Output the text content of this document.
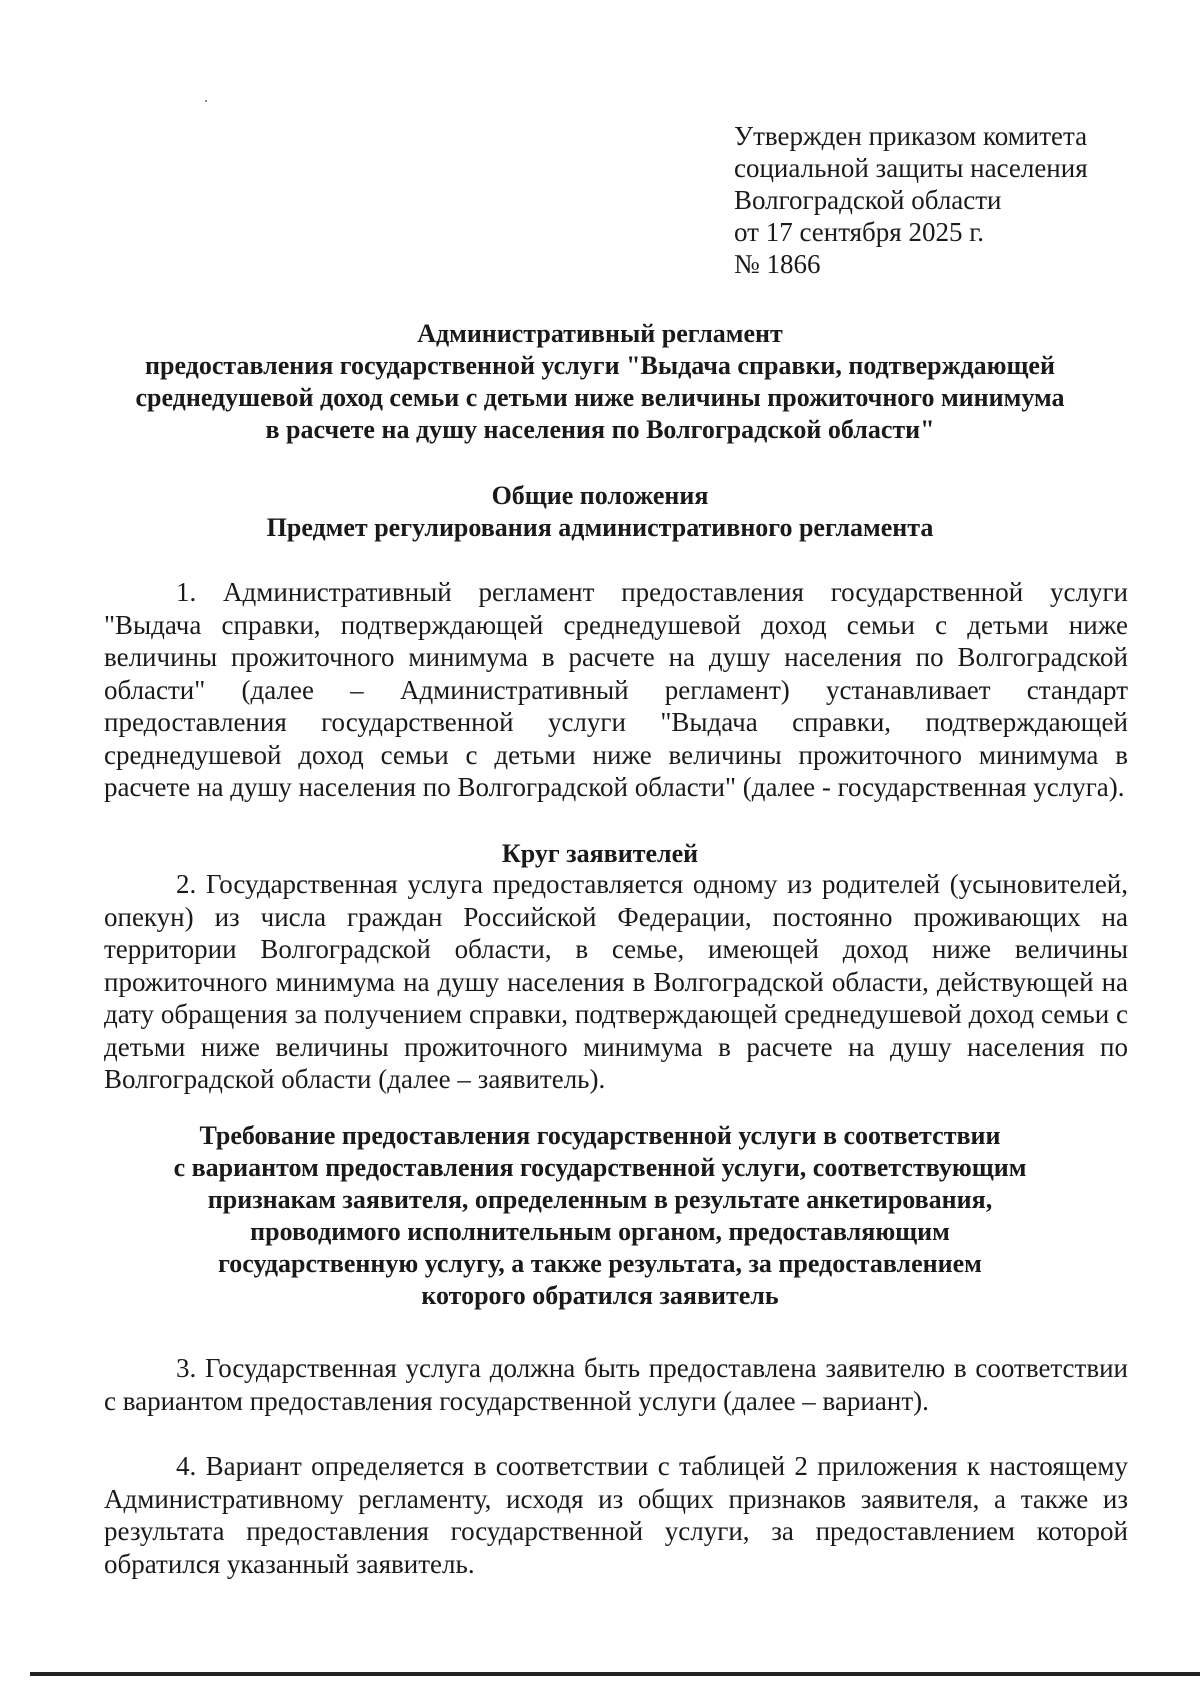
Утвержден приказом комитета
социальной защиты населения
Волгоградской области
от 17 сентября 2025 г.
№ 1866
Административный регламент
предоставления государственной услуги "Выдача справки, подтверждающей
среднедушевой доход семьи с детьми ниже величины прожиточного минимума
в расчете на душу населения по Волгоградской области"
Общие положения
Предмет регулирования административного регламента

1. Административный регламент предоставления государственной услуги "Выдача справки, подтверждающей среднедушевой доход семьи с детьми ниже величины прожиточного минимума в расчете на душу населения по Волгоградской области" (далее – Административный регламент) устанавливает стандарт предоставления государственной услуги "Выдача справки, подтверждающей среднедушевой доход семьи с детьми ниже величины прожиточного минимума в расчете на душу населения по Волгоградской области" (далее - государственная услуга).

Круг заявителей

2. Государственная услуга предоставляется одному из родителей (усыновителей, опекун) из числа граждан Российской Федерации, постоянно проживающих на территории Волгоградской области, в семье, имеющей доход ниже величины прожиточного минимума на душу населения в Волгоградской области, действующей на дату обращения за получением справки, подтверждающей среднедушевой доход семьи с детьми ниже величины прожиточного минимума в расчете на душу населения по Волгоградской области (далее – заявитель).

Требование предоставления государственной услуги в соответствии
с вариантом предоставления государственной услуги, соответствующим
признакам заявителя, определенным в результате анкетирования,
проводимого исполнительным органом, предоставляющим
государственную услугу, а также результата, за предоставлением
которого обратился заявитель

3. Государственная услуга должна быть предоставлена заявителю в соответствии с вариантом предоставления государственной услуги (далее – вариант).

4. Вариант определяется в соответствии с таблицей 2 приложения к настоящему Административному регламенту, исходя из общих признаков заявителя, а также из результата предоставления государственной услуги, за предоставлением которой обратился указанный заявитель.
